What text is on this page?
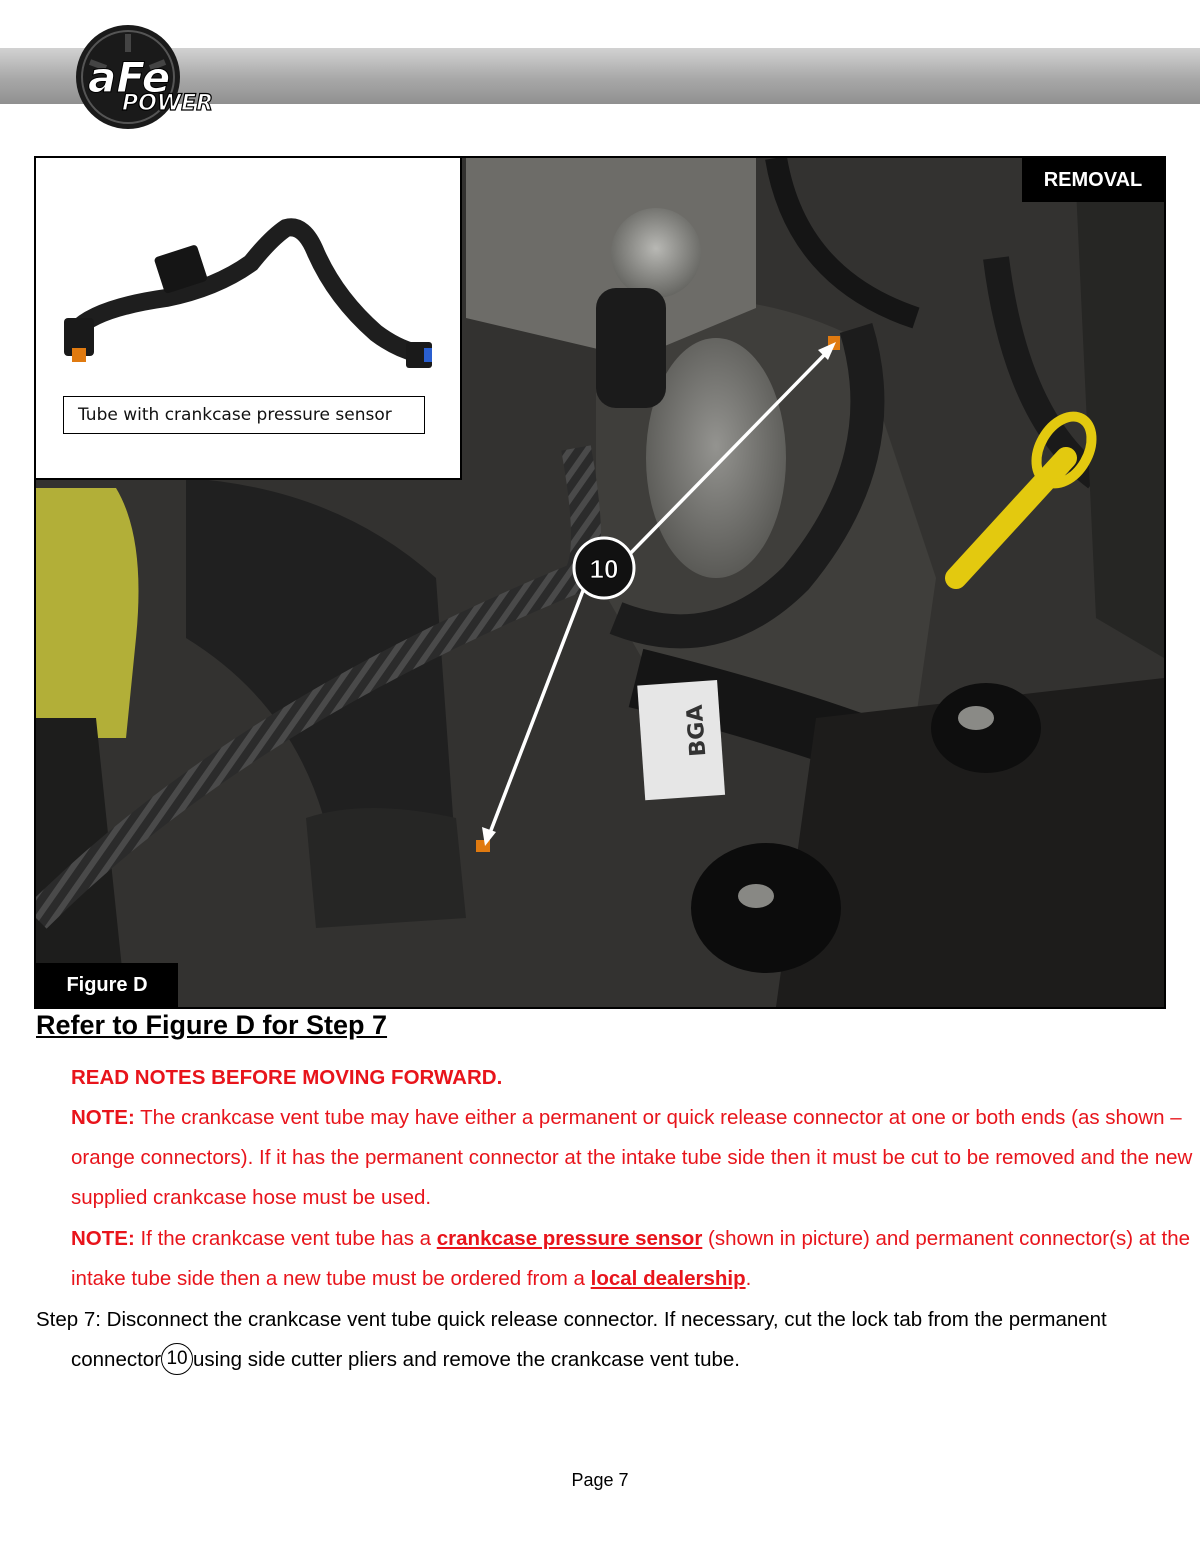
aFe
POWER
BGA
10
Tube with crankcase pressure sensor
REMOVAL
Figure D
Refer to Figure D for Step 7

READ NOTES BEFORE MOVING FORWARD.

NOTE: The crankcase vent tube may have either a permanent or quick release connector at one or both ends (as shown – orange connectors). If it has the permanent connector at the intake tube side then it must be cut to be removed and the new supplied crankcase hose must be used.

NOTE: If the crankcase vent tube has a crankcase pressure sensor (shown in picture) and permanent connector(s) at the intake tube side then a new tube must be ordered from a local dealership.

Step 7: Disconnect the crankcase vent tube quick release connector. If necessary, cut the lock tab from the permanent connector 10 using side cutter pliers and remove the crankcase vent tube.

Page 7
